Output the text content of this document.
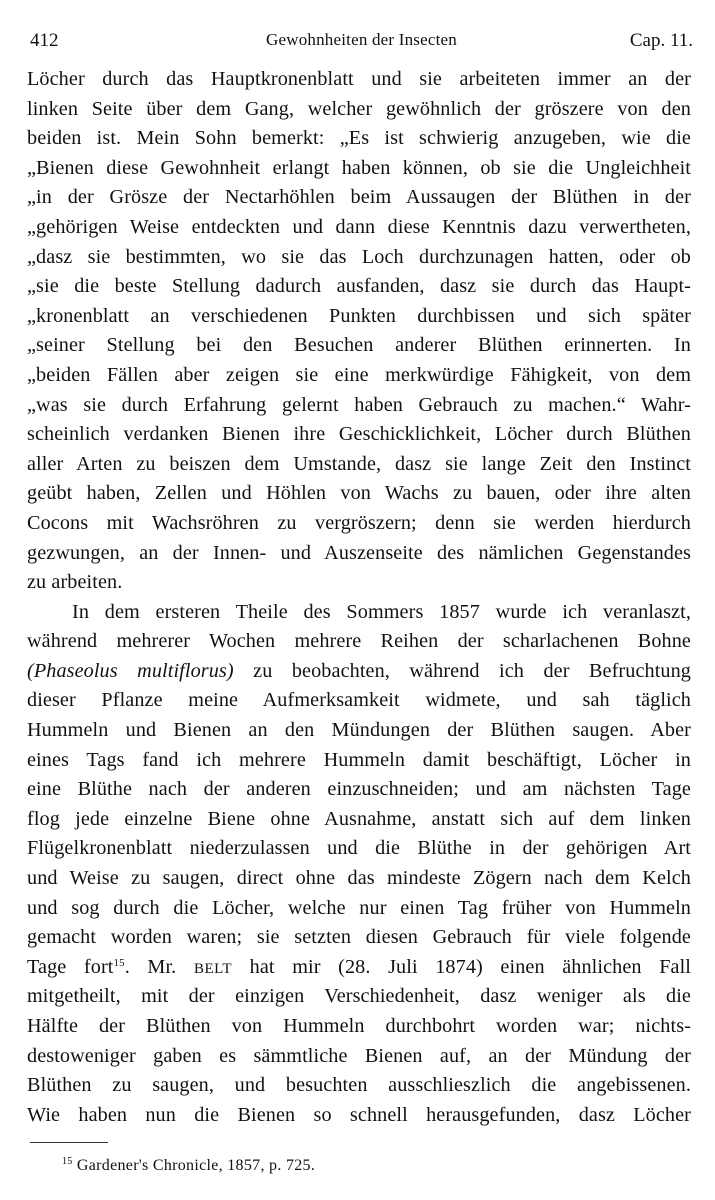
412	Gewohnheiten der Insecten	Cap. 11.
Löcher durch das Hauptkronenblatt und sie arbeiteten immer an der
linken Seite über dem Gang, welcher gewöhnlich der gröszere von den
beiden ist. Mein Sohn bemerkt: „Es ist schwierig anzugeben, wie die
„Bienen diese Gewohnheit erlangt haben können, ob sie die Ungleichheit
„in der Grösze der Nectarhöhlen beim Aussaugen der Blüthen in der
„gehörigen Weise entdeckten und dann diese Kenntnis dazu verwertheten,
„dasz sie bestimmten, wo sie das Loch durchzunagen hatten, oder ob
„sie die beste Stellung dadurch ausfanden, dasz sie durch das Haupt-
„kronenblatt an verschiedenen Punkten durchbissen und sich später
„seiner Stellung bei den Besuchen anderer Blüthen erinnerten. In
„beiden Fällen aber zeigen sie eine merkwürdige Fähigkeit, von dem
„was sie durch Erfahrung gelernt haben Gebrauch zu machen.“ Wahr-
scheinlich verdanken Bienen ihre Geschicklichkeit, Löcher durch Blüthen
aller Arten zu beiszen dem Umstande, dasz sie lange Zeit den Instinct
geübt haben, Zellen und Höhlen von Wachs zu bauen, oder ihre alten
Cocons mit Wachsröhren zu vergröszern; denn sie werden hierdurch
gezwungen, an der Innen- und Auszenseite des nämlichen Gegenstandes
zu arbeiten.
In dem ersteren Theile des Sommers 1857 wurde ich veranlaszt,
während mehrerer Wochen mehrere Reihen der scharlachenen Bohne
(Phaseolus multiflorus) zu beobachten, während ich der Befruchtung
dieser Pflanze meine Aufmerksamkeit widmete, und sah täglich
Hummeln und Bienen an den Mündungen der Blüthen saugen. Aber
eines Tags fand ich mehrere Hummeln damit beschäftigt, Löcher in
eine Blüthe nach der anderen einzuschneiden; und am nächsten Tage
flog jede einzelne Biene ohne Ausnahme, anstatt sich auf dem linken
Flügelkronenblatt niederzulassen und die Blüthe in der gehörigen Art
und Weise zu saugen, direct ohne das mindeste Zögern nach dem Kelch
und sog durch die Löcher, welche nur einen Tag früher von Hummeln
gemacht worden waren; sie setzten diesen Gebrauch für viele folgende
Tage fort$^{15}$. Mr. BELT hat mir (28. Juli 1874) einen ähnlichen Fall
mitgetheilt, mit der einzigen Verschiedenheit, dasz weniger als die
Hälfte der Blüthen von Hummeln durchbohrt worden war; nichts-
destoweniger gaben es sämmtliche Bienen auf, an der Mündung der
Blüthen zu saugen, und besuchten ausschlieszlich die angebissenen.
Wie haben nun die Bienen so schnell herausgefunden, dasz Löcher
$^{15}$ Gardener's Chronicle, 1857, p. 725.
